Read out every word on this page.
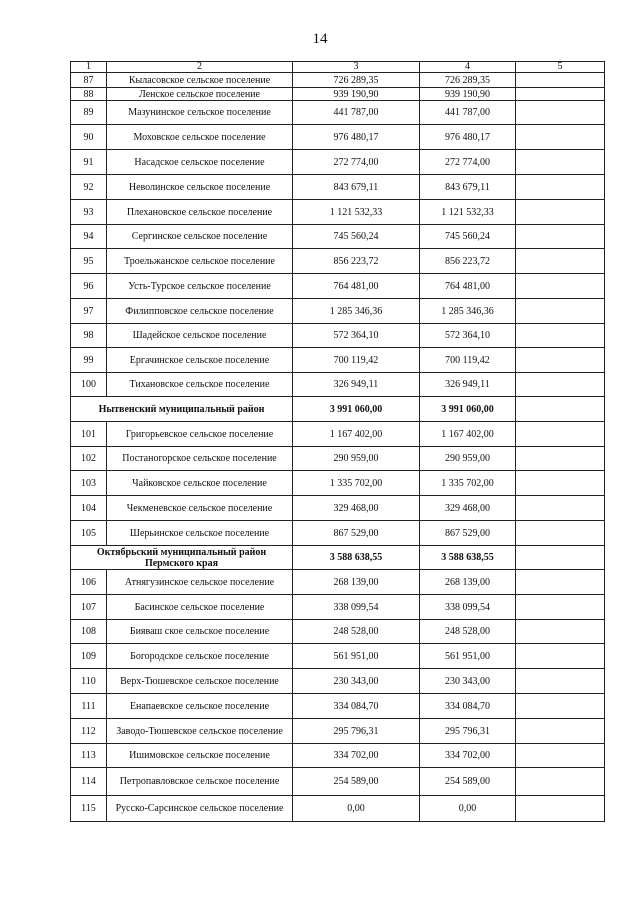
14
1	2	3	4	5
87	Кыласовское сельское поселение	726 289,35	726 289,35	
88	Ленское сельское поселение	939 190,90	939 190,90	
89	Мазунинское сельское поселение	441 787,00	441 787,00	
90	Моховское сельское поселение	976 480,17	976 480,17	
91	Насадское сельское поселение	272 774,00	272 774,00	
92	Неволинское сельское поселение	843 679,11	843 679,11	
93	Плехановское сельское поселение	1 121 532,33	1 121 532,33	
94	Сергинское сельское поселение	745 560,24	745 560,24	
95	Троельжанское сельское поселение	856 223,72	856 223,72	
96	Усть-Турское сельское поселение	764 481,00	764 481,00	
97	Филипповское сельское поселение	1 285 346,36	1 285 346,36	
98	Шадейское сельское поселение	572 364,10	572 364,10	
99	Ергачинское сельское поселение	700 119,42	700 119,42	
100	Тихановское сельское поселение	326 949,11	326 949,11	
Нытвенский муниципальный район		3 991 060,00	3 991 060,00	
101	Григорьевское сельское поселение	1 167 402,00	1 167 402,00	
102	Постаногорское сельское поселение	290 959,00	290 959,00	
103	Чайковское сельское поселение	1 335 702,00	1 335 702,00	
104	Чекменевское сельское поселение	329 468,00	329 468,00	
105	Шерьинское сельское поселение	867 529,00	867 529,00	
Октябрьский муниципальный район Пермского края		3 588 638,55	3 588 638,55	
106	Атнягузинское сельское поселение	268 139,00	268 139,00	
107	Басинское сельское поселение	338 099,54	338 099,54	
108	Бияваш ское сельское поселение	248 528,00	248 528,00	
109	Богородское сельское поселение	561 951,00	561 951,00	
110	Верх-Тюшевское сельское поселение	230 343,00	230 343,00	
111	Енапаевское сельское поселение	334 084,70	334 084,70	
112	Заводо-Тюшевское сельское поселение	295 796,31	295 796,31	
113	Ишимовское сельское поселение	334 702,00	334 702,00	
114	Петропавловское сельское поселение	254 589,00	254 589,00	
115	Русско-Сарсинское сельское поселение	0,00	0,00	
